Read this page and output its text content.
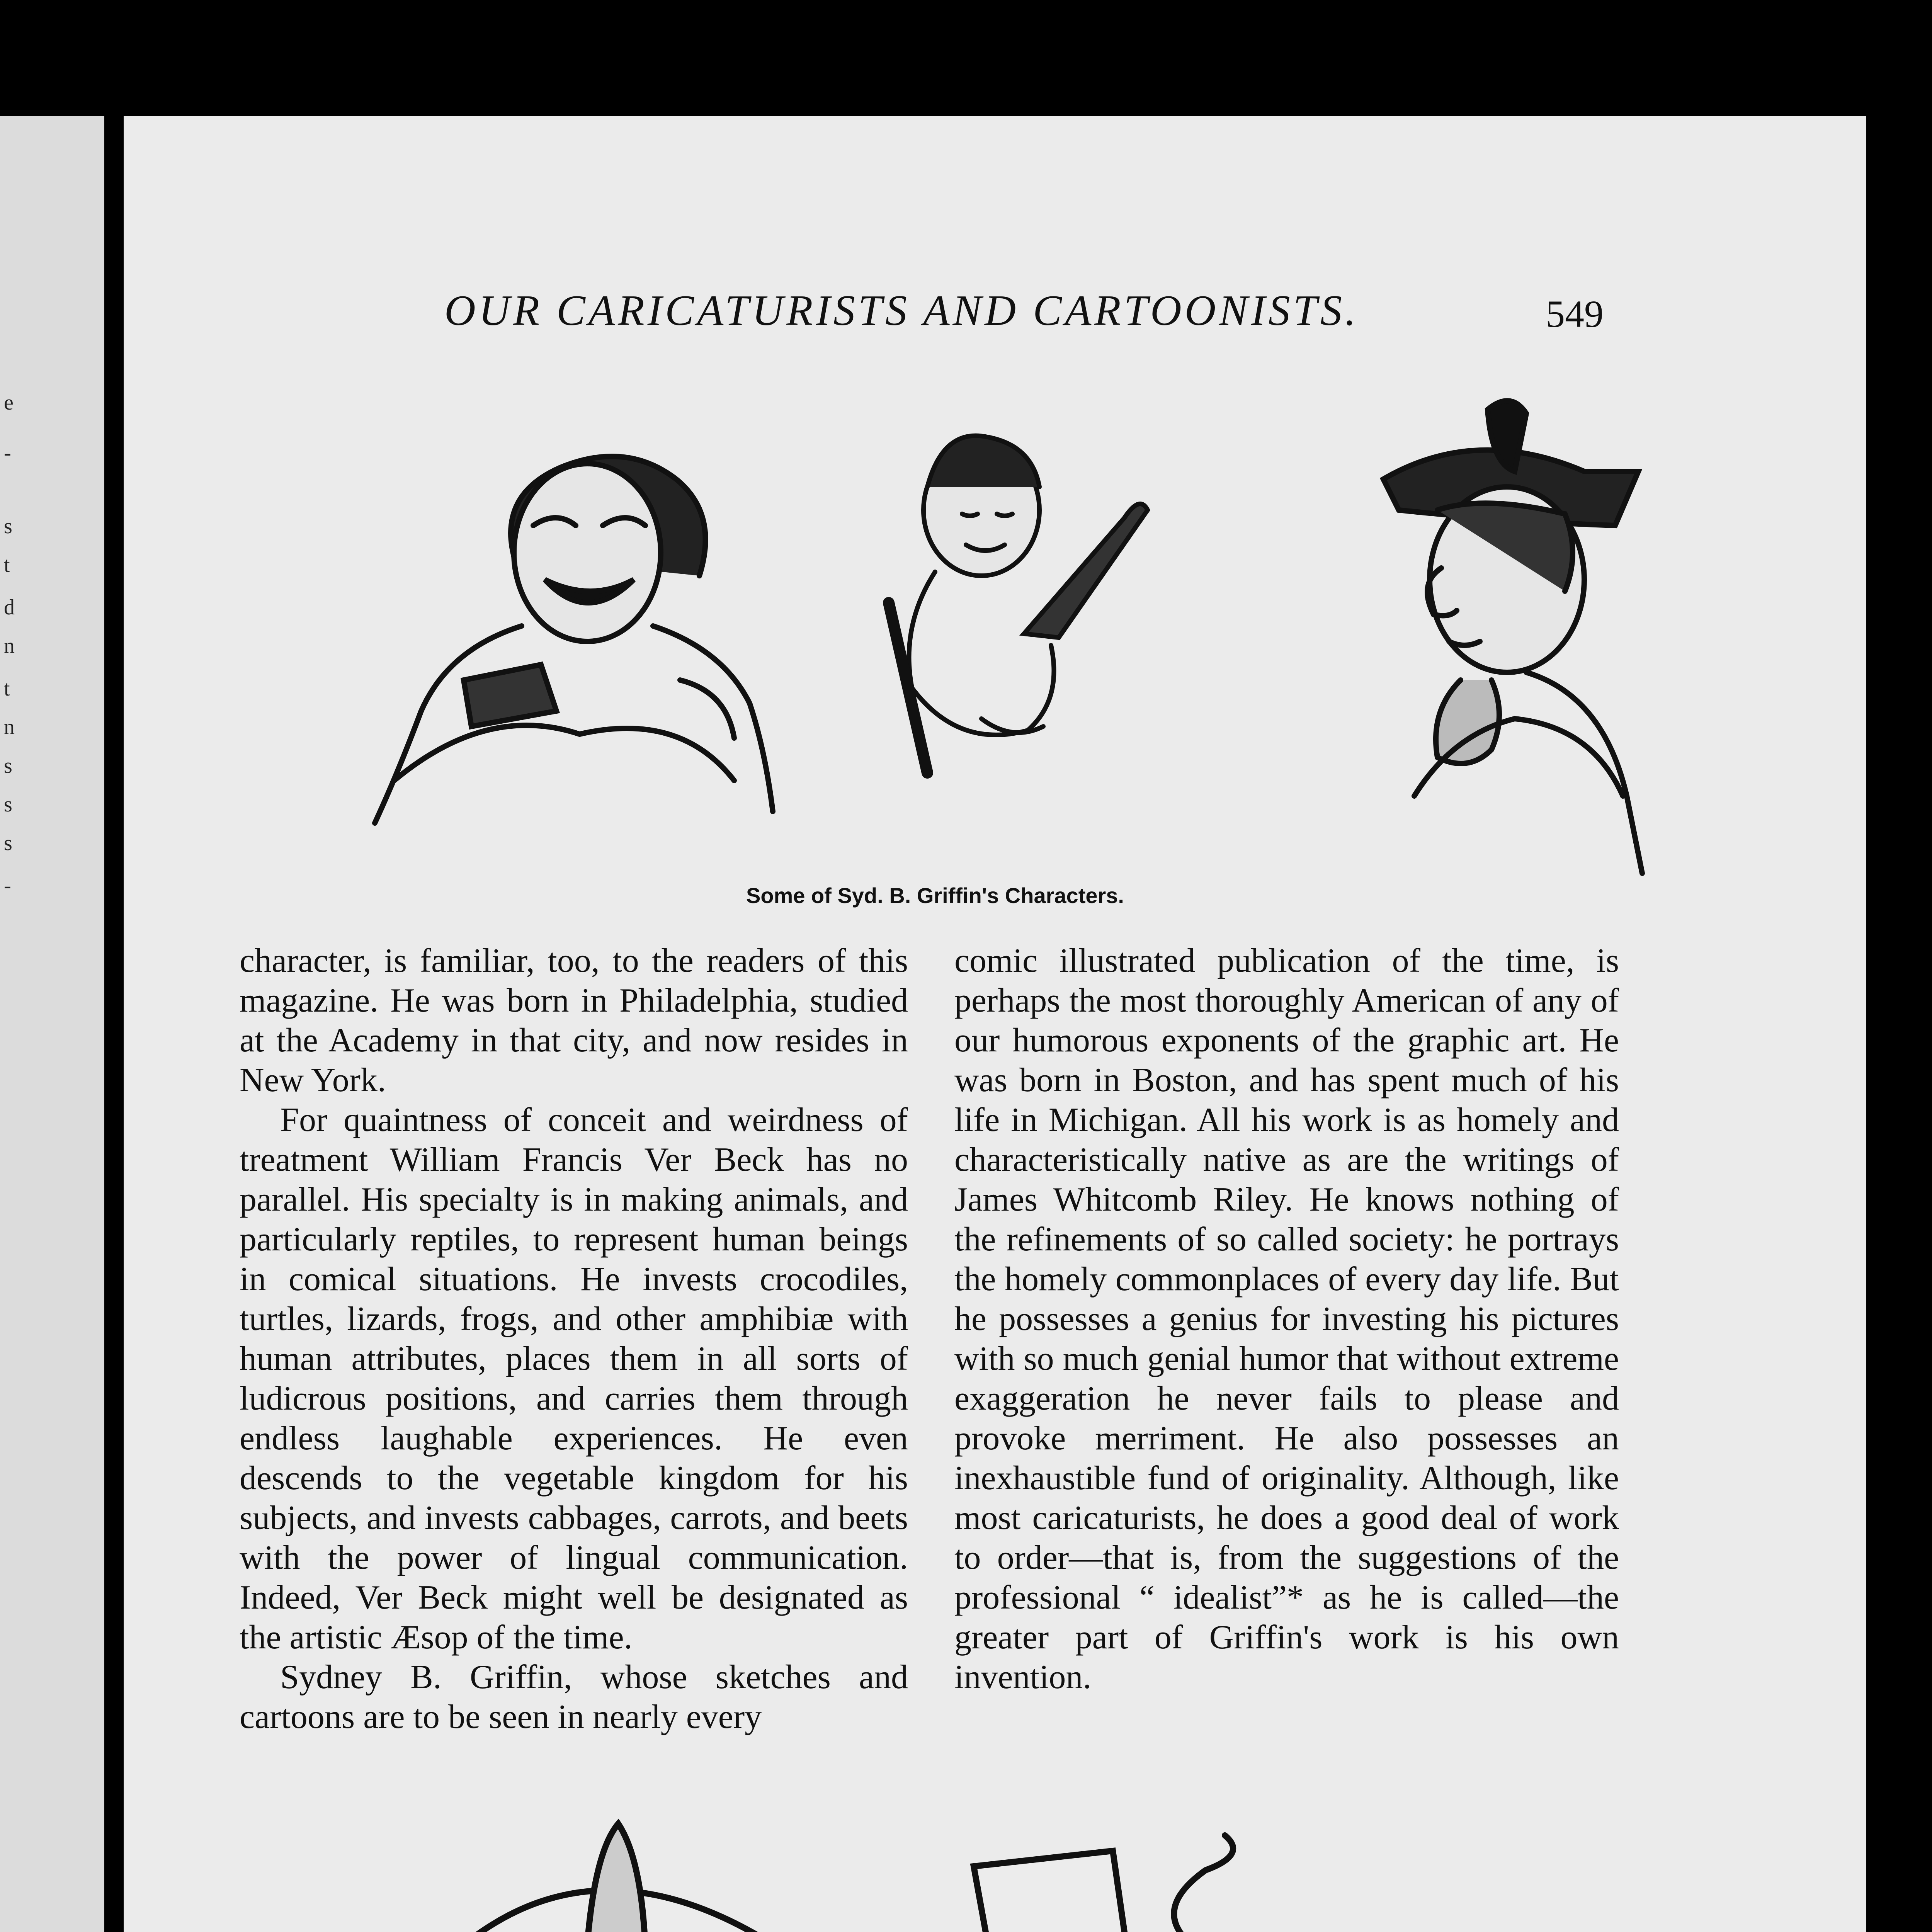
e
-
s
t
d
n
t
n
s
s
s
-
OUR CARICATURISTS AND CARTOONISTS.	549
Some of Syd. B. Griffin's Characters.

character, is familiar, too, to the readers of this magazine. He was born in Philadelphia, studied at the Academy in that city, and now resides in New York.

For quaintness of conceit and weirdness of treatment William Francis Ver Beck has no parallel. His specialty is in making animals, and particularly reptiles, to represent human beings in comical situations. He invests crocodiles, turtles, lizards, frogs, and other amphibiæ with human attributes, places them in all sorts of ludicrous positions, and carries them through endless laughable experiences. He even descends to the vegetable kingdom for his subjects, and invests cabbages, carrots, and beets with the power of lingual communication. Indeed, Ver Beck might well be designated as the artistic Æsop of the time.

Sydney B. Griffin, whose sketches and cartoons are to be seen in nearly every

comic illustrated publication of the time, is perhaps the most thoroughly American of any of our humorous exponents of the graphic art. He was born in Boston, and has spent much of his life in Michigan. All his work is as homely and characteristically native as are the writings of James Whitcomb Riley. He knows nothing of the refinements of so called society: he portrays the homely commonplaces of every day life. But he possesses a genius for investing his pictures with so much genial humor that without extreme exaggeration he never fails to please and provoke merriment. He also possesses an inexhaustible fund of originality. Although, like most caricaturists, he does a good deal of work to order—that is, from the suggestions of the professional “ idealist”* as he is called—the greater part of Griffin's work is his own invention.
